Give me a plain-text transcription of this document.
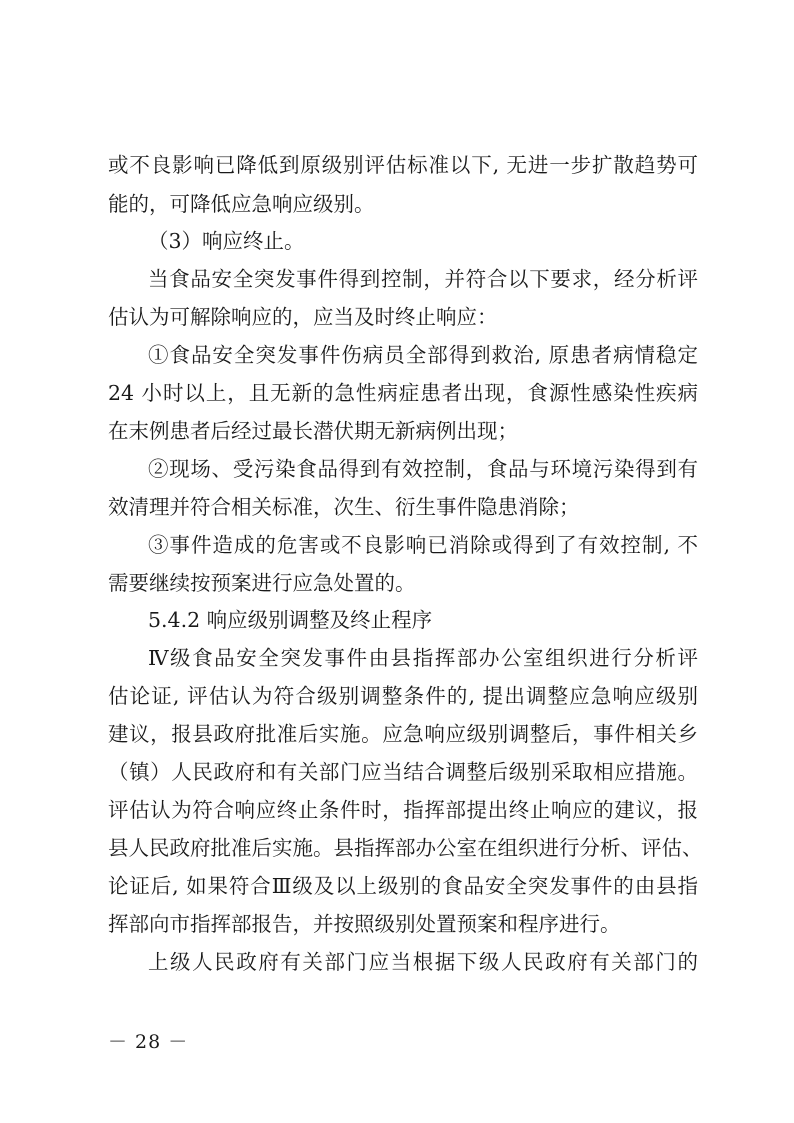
或不良影响已降低到原级别评估标准以下, 无进一步扩散趋势可
能的，可降低应急响应级别。
（3）响应终止。
当食品安全突发事件得到控制，并符合以下要求，经分析评
估认为可解除响应的，应当及时终止响应：
①食品安全突发事件伤病员全部得到救治, 原患者病情稳定
24 小时以上，且无新的急性病症患者出现，食源性感染性疾病
在末例患者后经过最长潜伏期无新病例出现；
②现场、受污染食品得到有效控制，食品与环境污染得到有
效清理并符合相关标准，次生、衍生事件隐患消除；
③事件造成的危害或不良影响已消除或得到了有效控制, 不
需要继续按预案进行应急处置的。
5.4.2 响应级别调整及终止程序
Ⅳ级食品安全突发事件由县指挥部办公室组织进行分析评
估论证, 评估认为符合级别调整条件的, 提出调整应急响应级别
建议，报县政府批准后实施。应急响应级别调整后，事件相关乡
（镇）人民政府和有关部门应当结合调整后级别采取相应措施。
评估认为符合响应终止条件时，指挥部提出终止响应的建议，报
县人民政府批准后实施。县指挥部办公室在组织进行分析、评估、
论证后, 如果符合Ⅲ级及以上级别的食品安全突发事件的由县指
挥部向市指挥部报告，并按照级别处置预案和程序进行。
上级人民政府有关部门应当根据下级人民政府有关部门的
－ 28 －
